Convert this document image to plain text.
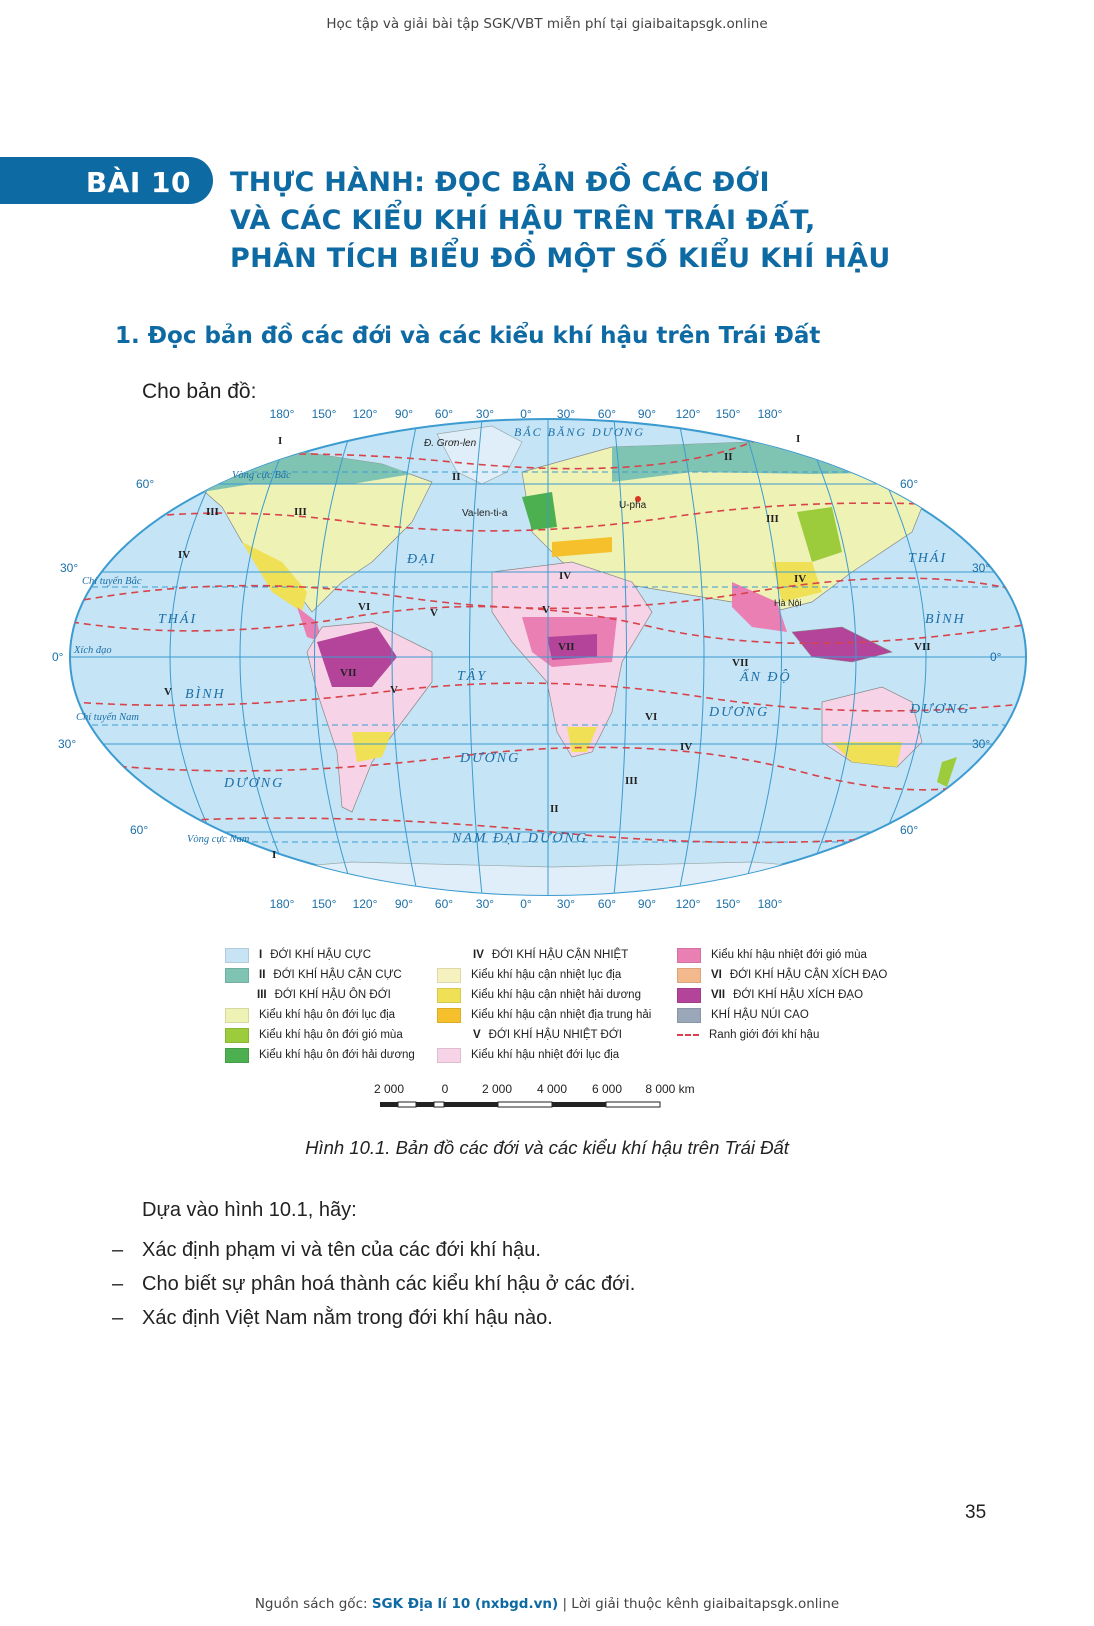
Học tập và giải bài tập SGK/VBT miễn phí tại giaibaitapsgk.online
BÀI 10 THỰC HÀNH: ĐỌC BẢN ĐỒ CÁC ĐỚI
VÀ CÁC KIỂU KHÍ HẬU TRÊN TRÁI ĐẤT,
PHÂN TÍCH BIỂU ĐỒ MỘT SỐ KIỂU KHÍ HẬU
1. Đọc bản đồ các đới và các kiểu khí hậu trên Trái Đất
Cho bản đồ:
180° 150° 120° 90° 60° 30° 0° 30° 60° 90° 120° 150° 180°
180° 150° 120° 90° 60° 30° 0° 30° 60° 90° 120° 150° 180°
60°
30°
0°
30°
60°
60°
30°
0°
30°
60°
Vòng cực Bắc
Chí tuyến Bắc
Xích đạo
Chí tuyến Nam
Vòng cực Nam
BẮC BĂNG DƯƠNG
ĐẠI
TÂY
DƯƠNG
THÁI
BÌNH
DƯƠNG
THÁI
BÌNH
DƯƠNG
ẤN ĐỘ
DƯƠNG
NAM ĐẠI DƯƠNG
Đ. Grơn-len
Va-len-ti-a
U-pha
Hà Nội
I	I
I
II
II
II
III	III
III
III
IV
IV	IV
IV
V	V
V	V
VI
VI
VII
VII
VII
VII
I ĐỚI KHÍ HẬU CỰC
II ĐỚI KHÍ HẬU CẬN CỰC
III ĐỚI KHÍ HẬU ÔN ĐỚI
Kiểu khí hậu ôn đới lục địa
Kiểu khí hậu ôn đới gió mùa
Kiểu khí hậu ôn đới hải dương
IV ĐỚI KHÍ HẬU CẬN NHIỆT
Kiểu khí hậu cận nhiệt lục địa
Kiểu khí hậu cận nhiệt hải dương
Kiểu khí hậu cận nhiệt địa trung hải
V ĐỚI KHÍ HẬU NHIỆT ĐỚI
Kiểu khí hậu nhiệt đới lục địa
Kiểu khí hậu nhiệt đới gió mùa
VI ĐỚI KHÍ HẬU CẬN XÍCH ĐẠO
VII ĐỚI KHÍ HẬU XÍCH ĐẠO
KHÍ HẬU NÚI CAO
Ranh giới đới khí hậu
2 000	0	2 000 4 000 6 000 8 000 km
Hình 10.1. Bản đồ các đới và các kiểu khí hậu trên Trái Đất
Dựa vào hình 10.1, hãy:
– Xác định phạm vi và tên của các đới khí hậu.
– Cho biết sự phân hoá thành các kiểu khí hậu ở các đới.
– Xác định Việt Nam nằm trong đới khí hậu nào.
35
Nguồn sách gốc: SGK Địa lí 10 (nxbgd.vn) | Lời giải thuộc kênh giaibaitapsgk.online
